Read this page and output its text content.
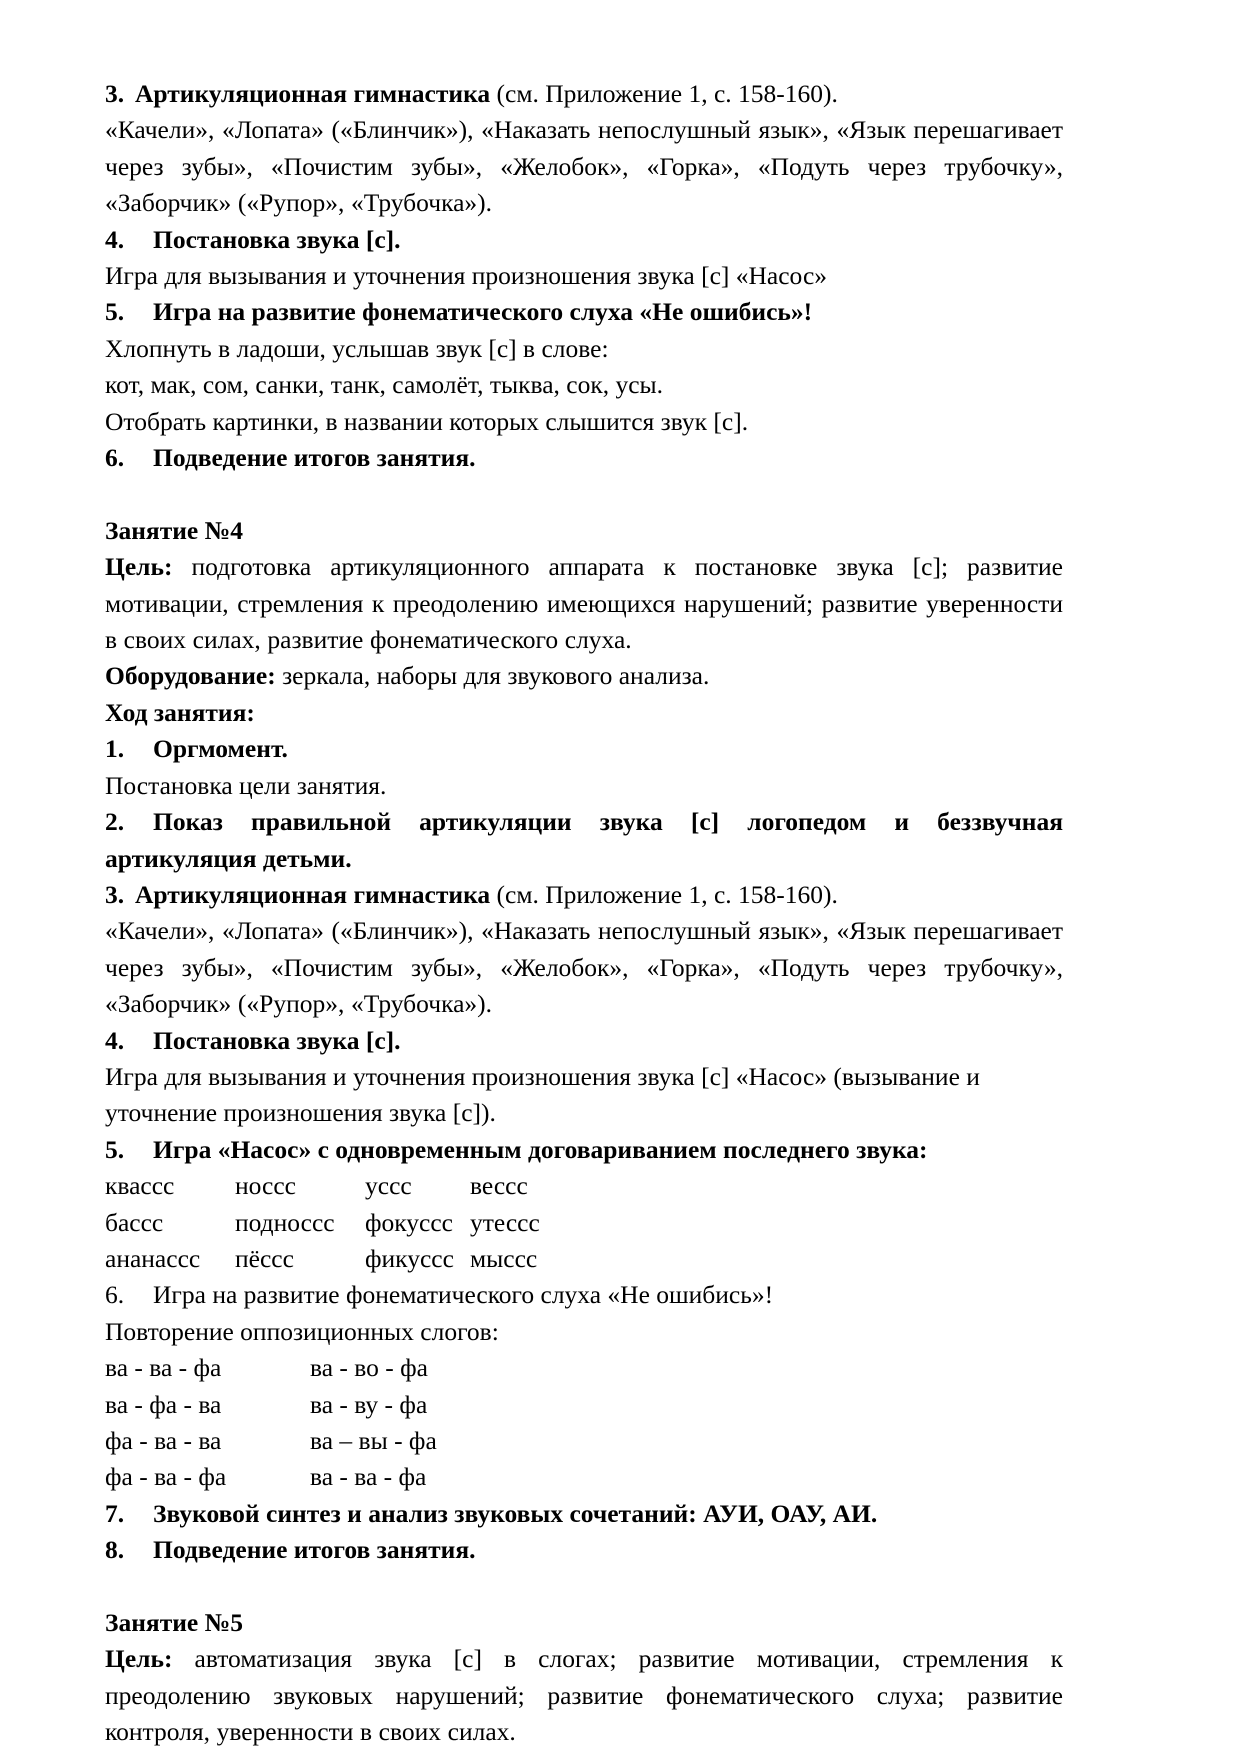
3. Артикуляционная гимнастика (см. Приложение 1, с. 158-160).

«Качели», «Лопата» («Блинчик»), «Наказать непослушный язык», «Язык перешагивает через зубы», «Почистим зубы», «Желобок», «Горка», «Подуть через трубочку», «Заборчик» («Рупор», «Трубочка»).

4. Постановка звука [с].

Игра для вызывания и уточнения произношения звука [с] «Насос»

5. Игра на развитие фонематического слуха «Не ошибись»!

Хлопнуть в ладоши, услышав звук [с] в слове:

кот, мак, сом, санки, танк, самолёт, тыква, сок, усы.

Отобрать картинки, в названии которых слышится звук [с].

6. Подведение итогов занятия.

Занятие №4

Цель: подготовка артикуляционного аппарата к постановке звука [с]; развитие мотивации, стремления к преодолению имеющихся нарушений; развитие уверенности в своих силах, развитие фонематического слуха.

Оборудование: зеркала, наборы для звукового анализа.

Ход занятия:

1. Оргмомент.

Постановка цели занятия.

2. Показ правильной артикуляции звука [с] логопедом и беззвучная артикуляция детьми.

3. Артикуляционная гимнастика (см. Приложение 1, с. 158-160).

«Качели», «Лопата» («Блинчик»), «Наказать непослушный язык», «Язык перешагивает через зубы», «Почистим зубы», «Желобок», «Горка», «Подуть через трубочку», «Заборчик» («Рупор», «Трубочка»).

4. Постановка звука [с].

Игра для вызывания и уточнения произношения звука [с] «Насос» (вызывание и уточнение произношения звука [с]).

5. Игра «Насос» с одновременным договариванием последнего звука:

квассс	носсс	уссс	вессс
бассс	подноссс	фокуссс	утессс
ананассс	пёссс	фикуссс	мыссс

6. Игра на развитие фонематического слуха «Не ошибись»!

Повторение оппозиционных слогов:

ва - ва - фа	ва - во - фа
ва - фа - ва	ва - ву - фа
фа - ва - ва	ва – вы - фа
фа - ва - фа	ва - ва - фа

7. Звуковой синтез и анализ звуковых сочетаний: АУИ, ОАУ, АИ.

8. Подведение итогов занятия.

Занятие №5

Цель: автоматизация звука [с] в слогах; развитие мотивации, стремления к преодолению звуковых нарушений; развитие фонематического слуха; развитие контроля, уверенности в своих силах.
